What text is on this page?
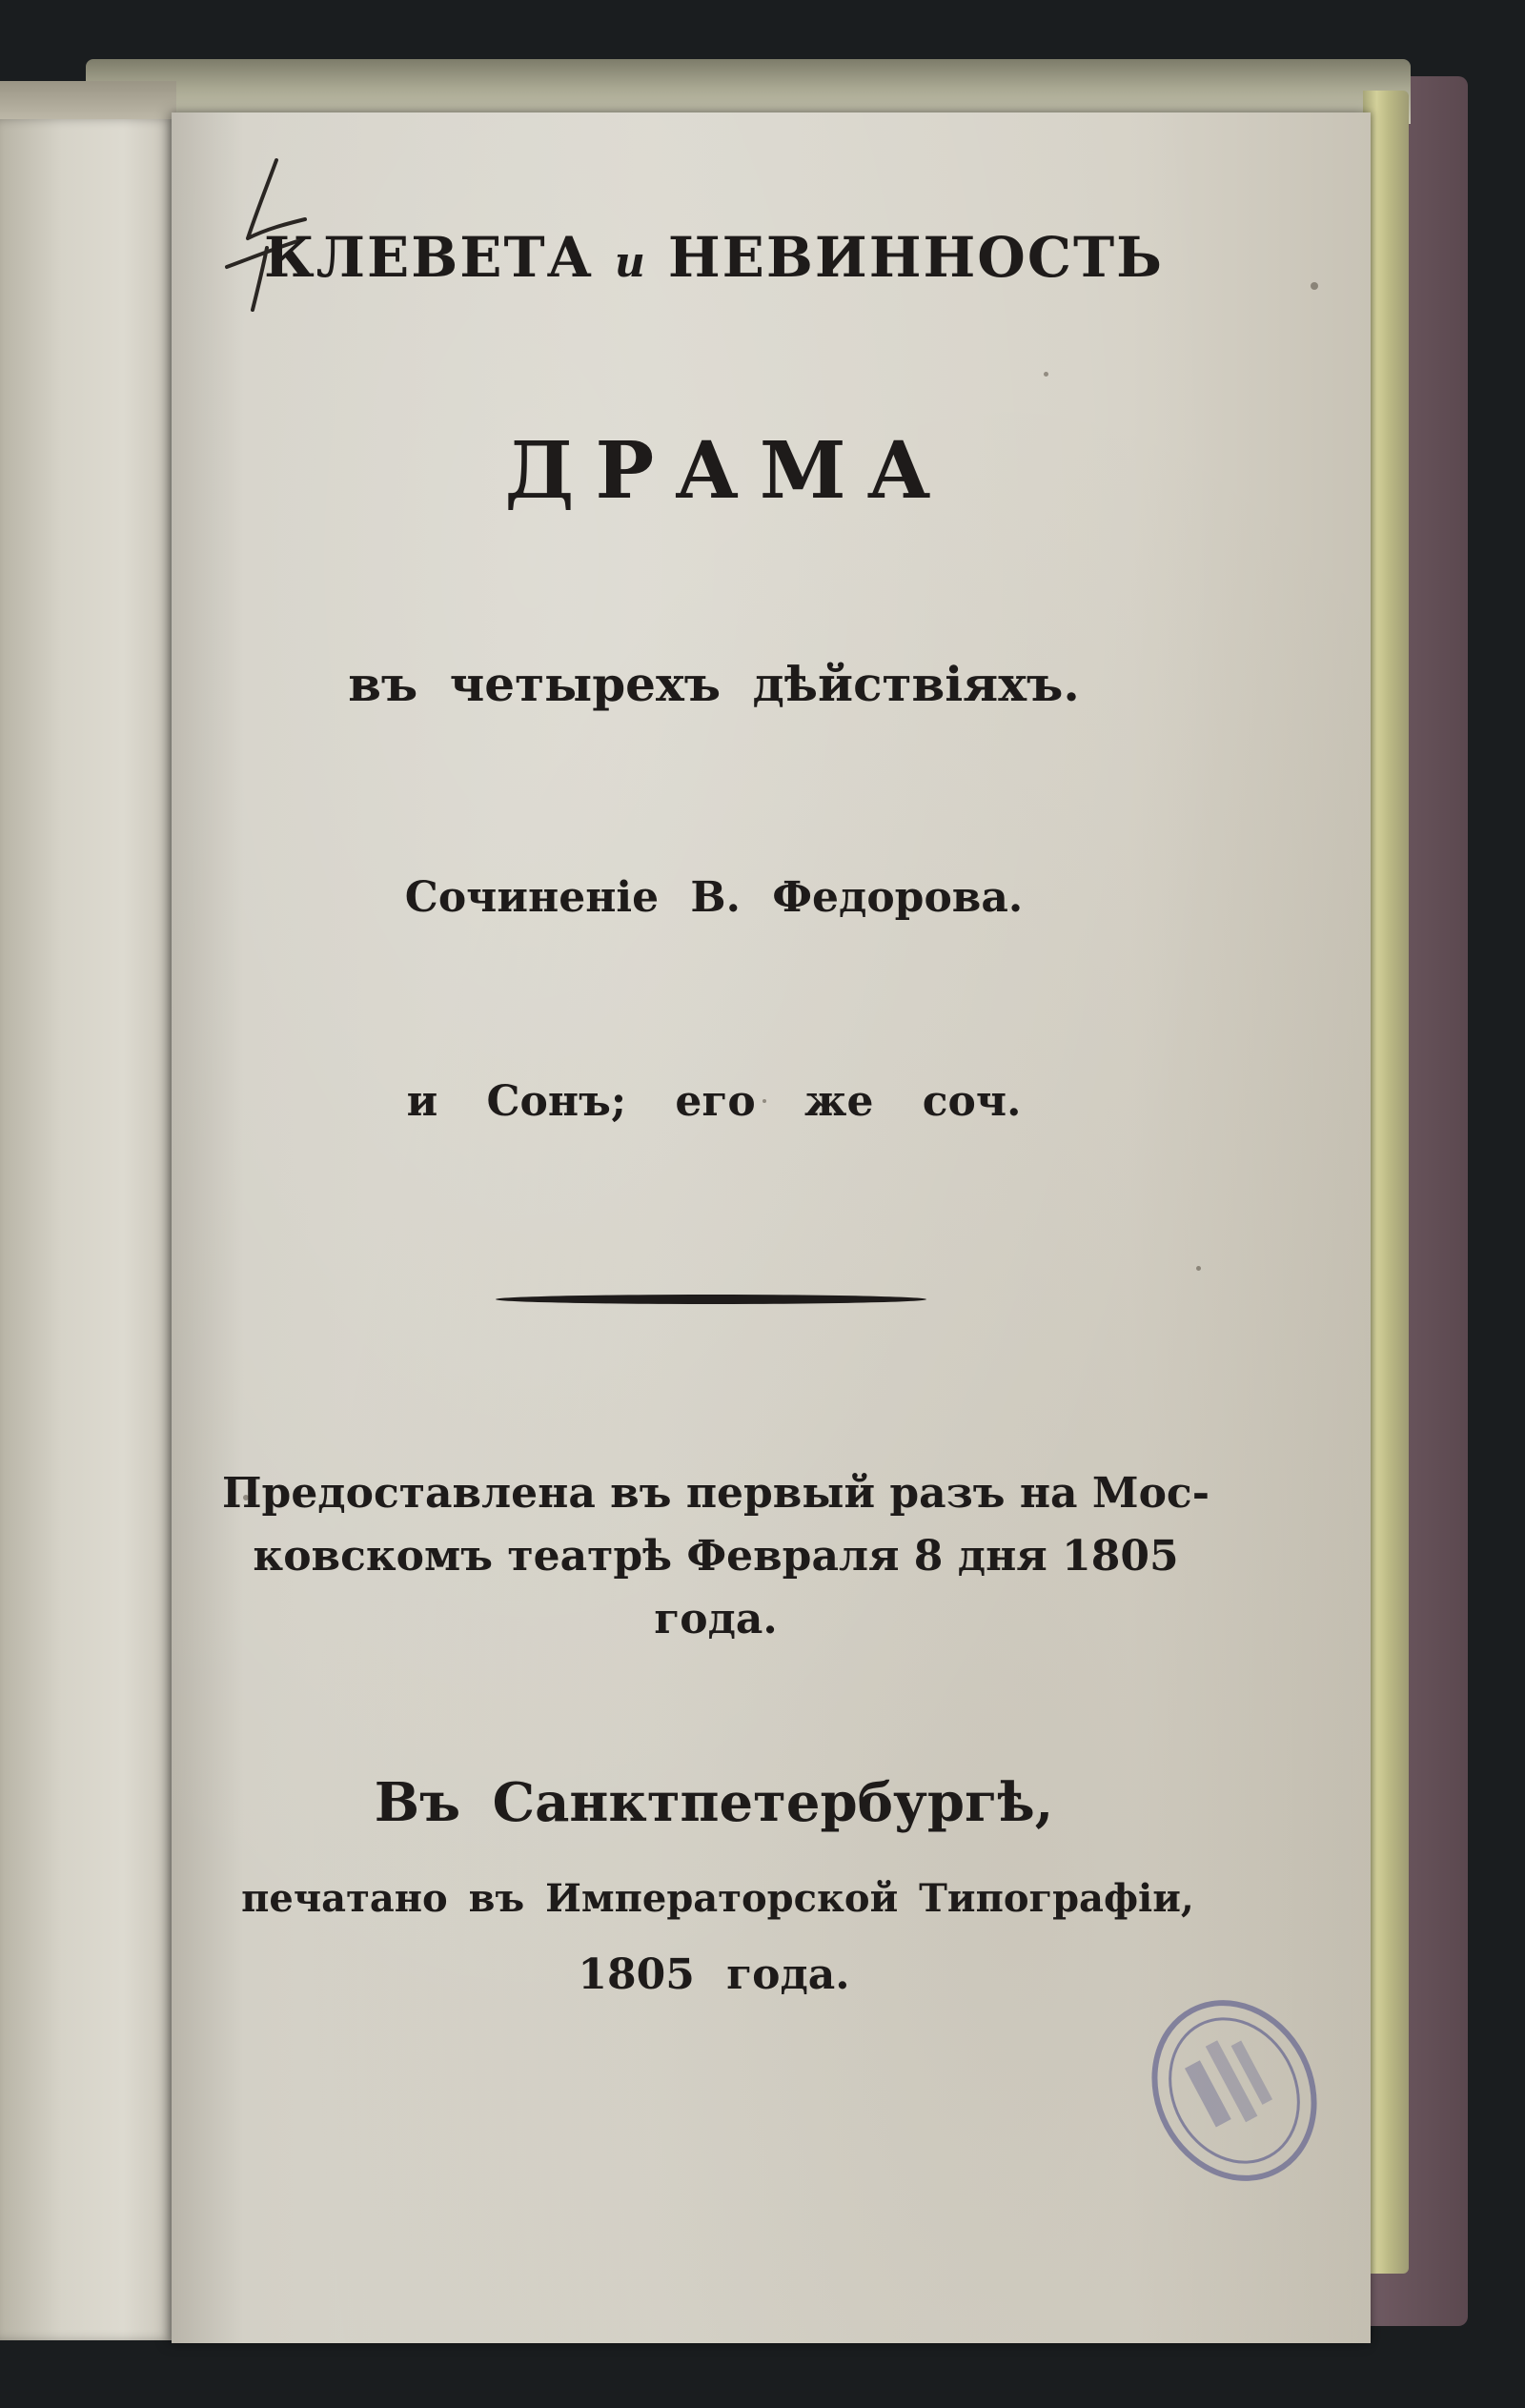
КЛЕВЕТА и НЕВИННОСТЬ
ДРАМА
въ четырехъ дѣйствіяхъ.
Сочиненіе В. Федорова.
и Сонъ; его же соч.
Предоставлена въ первый разъ на Мос-
ковскомъ театрѣ Февраля 8 дня 1805
года.
Въ Санктпетербургѣ,
печатано въ Императорской Типографіи,
1805 года.
